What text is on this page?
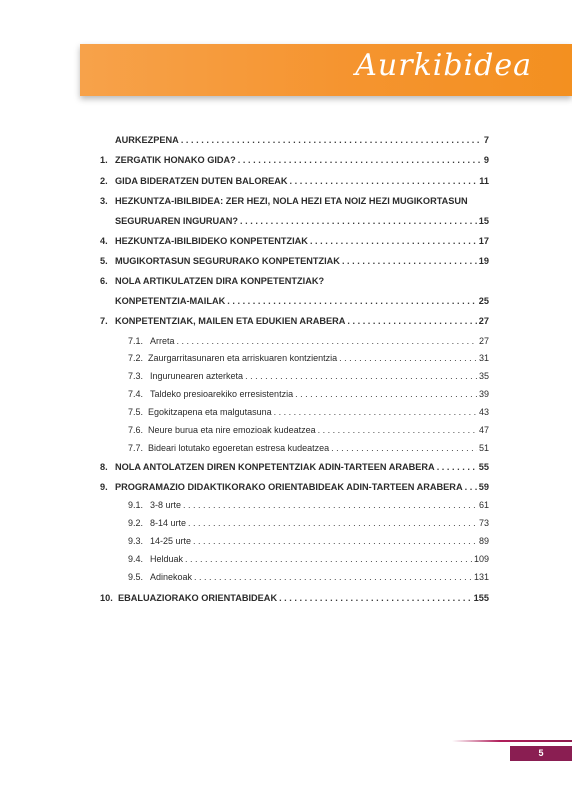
Aurkibidea
AURKEZPENA . . .	7
1. ZERGATIK HONAKO GIDA? . . .	9
2. GIDA BIDERATZEN DUTEN BALOREAK . . .	11
3. HEZKUNTZA-IBILBIDEA: ZER HEZI, NOLA HEZI ETA NOIZ HEZI MUGIKORTASUN
SEGURUAREN INGURUAN? . . .	15
4. HEZKUNTZA-IBILBIDEKO KONPETENTZIAK . . .	17
5. MUGIKORTASUN SEGURURAKO KONPETENTZIAK . . .	19
6. NOLA ARTIKULATZEN DIRA KONPETENTZIAK?
KONPETENTZIA-MAILAK . . .	25
7. KONPETENTZIAK, MAILEN ETA EDUKIEN ARABERA . . .	27
7.1. Arreta . . .	27
7.2. Zaurgarritasunaren eta arriskuaren kontzientzia . . .	31
7.3. Ingurunearen azterketa . . .	35
7.4. Taldeko presioarekiko erresistentzia . . .	39
7.5. Egokitzapena eta malgutasuna . . .	43
7.6. Neure burua eta nire emozioak kudeatzea . . .	47
7.7. Bideari lotutako egoeretan estresa kudeatzea . . .	51
8. NOLA ANTOLATZEN DIREN KONPETENTZIAK ADIN-TARTEEN ARABERA . . .	55
9. PROGRAMAZIO DIDAKTIKORAKO ORIENTABIDEAK ADIN-TARTEEN ARABERA . . . 59
9.1. 3-8 urte . . .	61
9.2. 8-14 urte . . .	73
9.3. 14-25 urte . . .	89
9.4. Helduak . . .	109
9.5. Adinekoak . . .	131
10. EBALUAZIORAKO ORIENTABIDEAK . . .	155
5
